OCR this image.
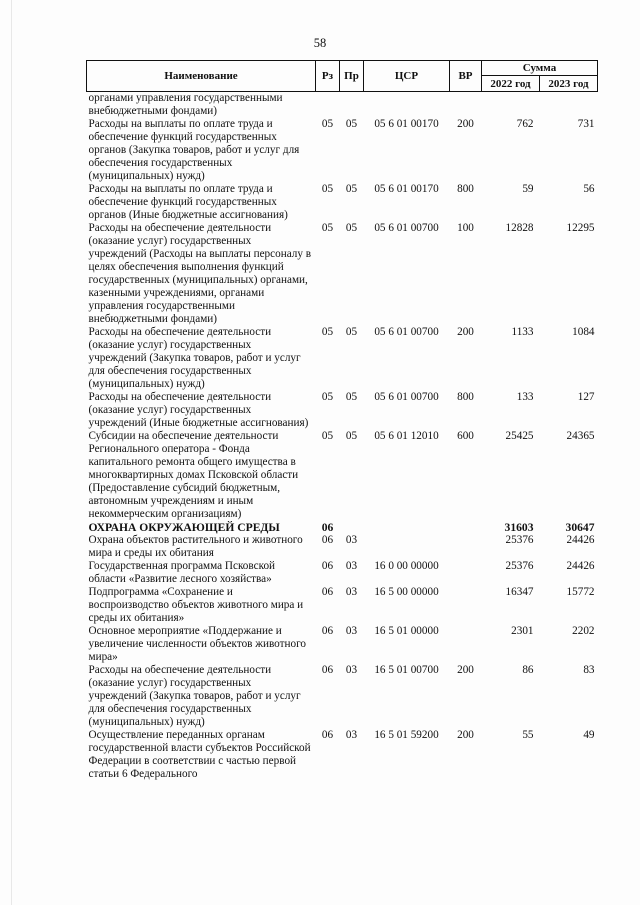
58
Наименование	Рз	Пр	ЦСР	ВР	Сумма	
					2022 год	2023 год
органами управления государственными внебюджетными фондами)						
Расходы на выплаты по оплате труда и обеспечение функций государственных органов (Закупка товаров, работ и услуг для обеспечения государственных (муниципальных) нужд)	05	05	05 6 01 00170	200	762	731
Расходы на выплаты по оплате труда и обеспечение функций государственных органов (Иные бюджетные ассигнования)	05	05	05 6 01 00170	800	59	56
Расходы на обеспечение деятельности (оказание услуг) государственных учреждений (Расходы на выплаты персоналу в целях обеспечения выполнения функций государственных (муниципальных) органами, казенными учреждениями, органами управления государственными внебюджетными фондами)	05	05	05 6 01 00700	100	12828	12295
Расходы на обеспечение деятельности (оказание услуг) государственных учреждений (Закупка товаров, работ и услуг для обеспечения государственных (муниципальных) нужд)	05	05	05 6 01 00700	200	1133	1084
Расходы на обеспечение деятельности (оказание услуг) государственных учреждений (Иные бюджетные ассигнования)	05	05	05 6 01 00700	800	133	127
Субсидии на обеспечение деятельности Регионального оператора - Фонда капитального ремонта общего имущества в многоквартирных домах Псковской области (Предоставление субсидий бюджетным, автономным учреждениям и иным некоммерческим организациям)	05	05	05 6 01 12010	600	25425	24365
ОХРАНА ОКРУЖАЮЩЕЙ СРЕДЫ	06				31603	30647
Охрана объектов растительного и животного мира и среды их обитания	06	03			25376	24426
Государственная программа Псковской области «Развитие лесного хозяйства»	06	03	16 0 00 00000		25376	24426
Подпрограмма «Сохранение и воспроизводство объектов животного мира и среды их обитания»	06	03	16 5 00 00000		16347	15772
Основное мероприятие «Поддержание и увеличение численности объектов животного мира»	06	03	16 5 01 00000		2301	2202
Расходы на обеспечение деятельности (оказание услуг) государственных учреждений (Закупка товаров, работ и услуг для обеспечения государственных (муниципальных) нужд)	06	03	16 5 01 00700	200	86	83
Осуществление переданных органам государственной власти субъектов Российской Федерации в соответствии с частью первой статьи 6 Федерального	06	03	16 5 01 59200	200	55	49
